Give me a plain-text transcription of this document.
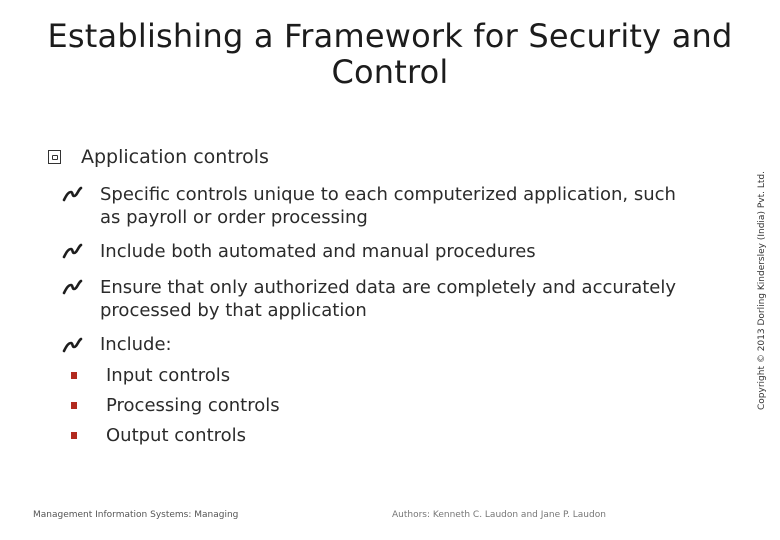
Establishing a Framework for Security and
Control
Application controls
Specific controls unique to each computerized application, such
as payroll or order processing
Include both automated and manual procedures
Ensure that only authorized data are completely and accurately
processed by that application
Include:
Input controls
Processing controls
Output controls
Copyright © 2013 Dorling Kindersley (India) Pvt. Ltd.
Management Information Systems: Managing	Authors: Kenneth C. Laudon and Jane P. Laudon
